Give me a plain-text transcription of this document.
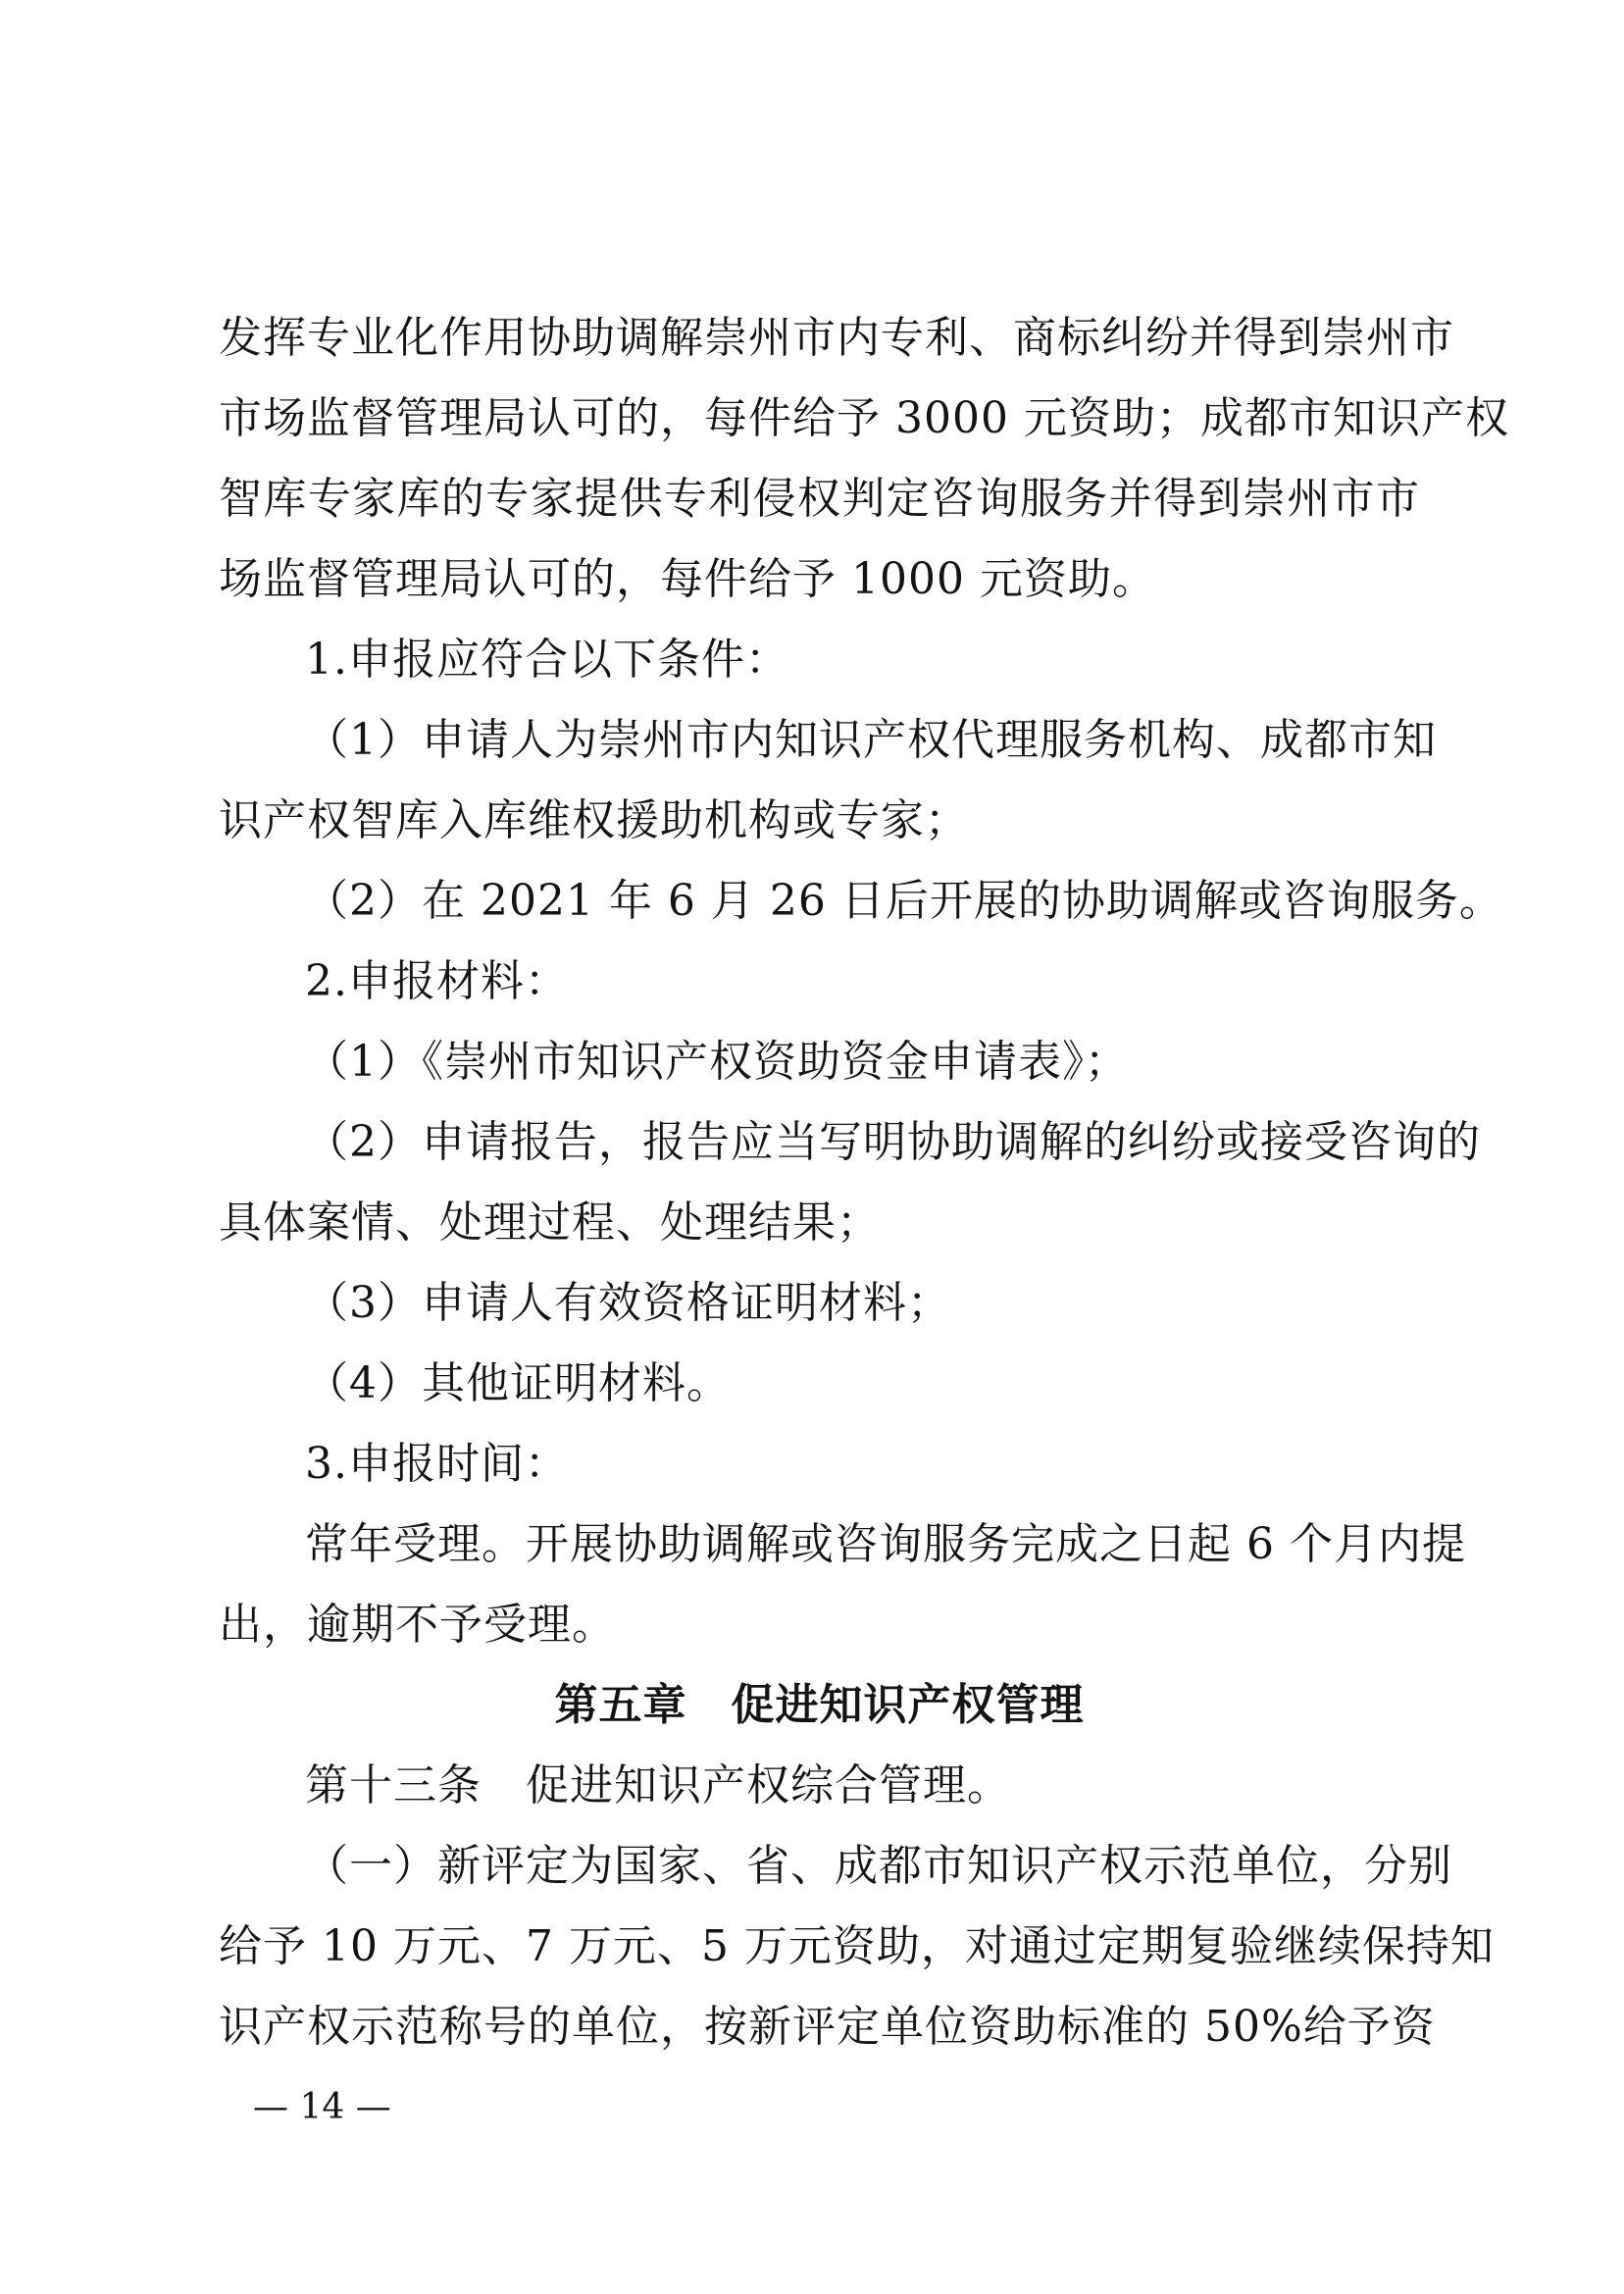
发挥专业化作用协助调解崇州市内专利、商标纠纷并得到崇州市
市场监督管理局认可的，每件给予 3000 元资助；成都市知识产权
智库专家库的专家提供专利侵权判定咨询服务并得到崇州市市
场监督管理局认可的，每件给予 1000 元资助。
1.申报应符合以下条件：
（1）申请人为崇州市内知识产权代理服务机构、成都市知
识产权智库入库维权援助机构或专家；
（2）在 2021 年 6 月 26 日后开展的协助调解或咨询服务。
2.申报材料：
（1）《崇州市知识产权资助资金申请表》；
（2）申请报告，报告应当写明协助调解的纠纷或接受咨询的
具体案情、处理过程、处理结果；
（3）申请人有效资格证明材料；
（4）其他证明材料。
3.申报时间：
常年受理。开展协助调解或咨询服务完成之日起 6 个月内提
出，逾期不予受理。
第五章　促进知识产权管理
第十三条　促进知识产权综合管理。
（一）新评定为国家、省、成都市知识产权示范单位，分别
给予 10 万元、7 万元、5 万元资助，对通过定期复验继续保持知
识产权示范称号的单位，按新评定单位资助标准的 50%给予资
— 14 —
